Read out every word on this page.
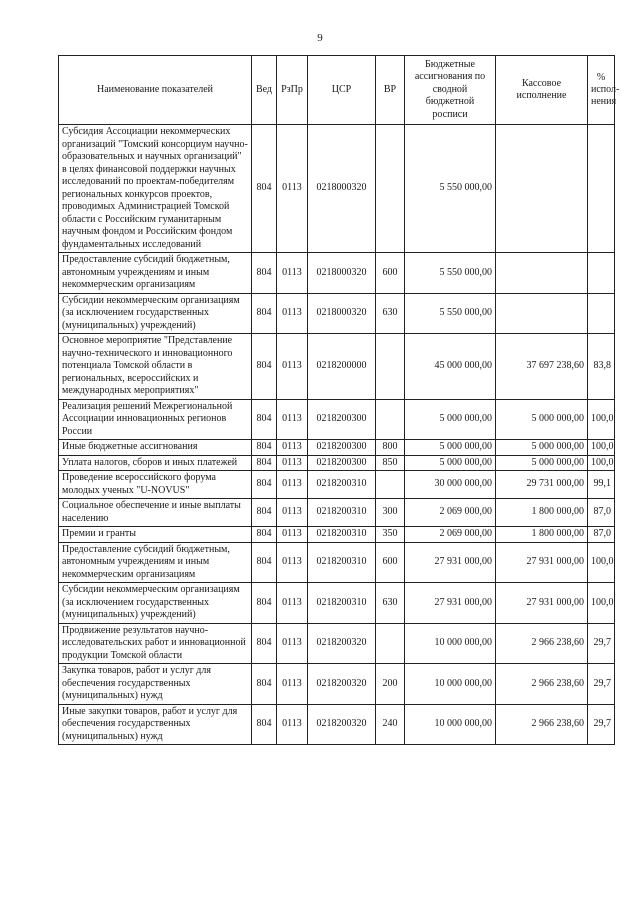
9
Наименование показателей	Вед	РзПр	ЦСР	ВР	Бюджетные ассигнования по сводной бюджетной росписи	Кассовое исполнение	% испол-нения
Субсидия Ассоциации некоммерческих организаций "Томский консорциум научно-образовательных и научных организаций" в целях финансовой поддержки научных исследований по проектам-победителям региональных конкурсов проектов, проводимых Администрацией Томской области с Российским гуманитарным научным фондом и Российским фондом фундаментальных исследований	804	0113	0218000320		5 550 000,00		
Предоставление субсидий бюджетным, автономным учреждениям и иным некоммерческим организациям	804	0113	0218000320	600	5 550 000,00		
Субсидии некоммерческим организациям (за исключением государственных (муниципальных) учреждений)	804	0113	0218000320	630	5 550 000,00		
Основное мероприятие "Представление научно-технического и инновационного потенциала Томской области в региональных, всероссийских и международных мероприятиях"	804	0113	0218200000		45 000 000,00	37 697 238,60	83,8
Реализация решений Межрегиональной Ассоциации инновационных регионов России	804	0113	0218200300		5 000 000,00	5 000 000,00	100,0
Иные бюджетные ассигнования	804	0113	0218200300	800	5 000 000,00	5 000 000,00	100,0
Уплата налогов, сборов и иных платежей	804	0113	0218200300	850	5 000 000,00	5 000 000,00	100,0
Проведение всероссийского форума молодых ученых "U-NOVUS"	804	0113	0218200310		30 000 000,00	29 731 000,00	99,1
Социальное обеспечение и иные выплаты населению	804	0113	0218200310	300	2 069 000,00	1 800 000,00	87,0
Премии и гранты	804	0113	0218200310	350	2 069 000,00	1 800 000,00	87,0
Предоставление субсидий бюджетным, автономным учреждениям и иным некоммерческим организациям	804	0113	0218200310	600	27 931 000,00	27 931 000,00	100,0
Субсидии некоммерческим организациям (за исключением государственных (муниципальных) учреждений)	804	0113	0218200310	630	27 931 000,00	27 931 000,00	100,0
Продвижение результатов научно-исследовательских работ и инновационной продукции Томской области	804	0113	0218200320		10 000 000,00	2 966 238,60	29,7
Закупка товаров, работ и услуг для обеспечения государственных (муниципальных) нужд	804	0113	0218200320	200	10 000 000,00	2 966 238,60	29,7
Иные закупки товаров, работ и услуг для обеспечения государственных (муниципальных) нужд	804	0113	0218200320	240	10 000 000,00	2 966 238,60	29,7
